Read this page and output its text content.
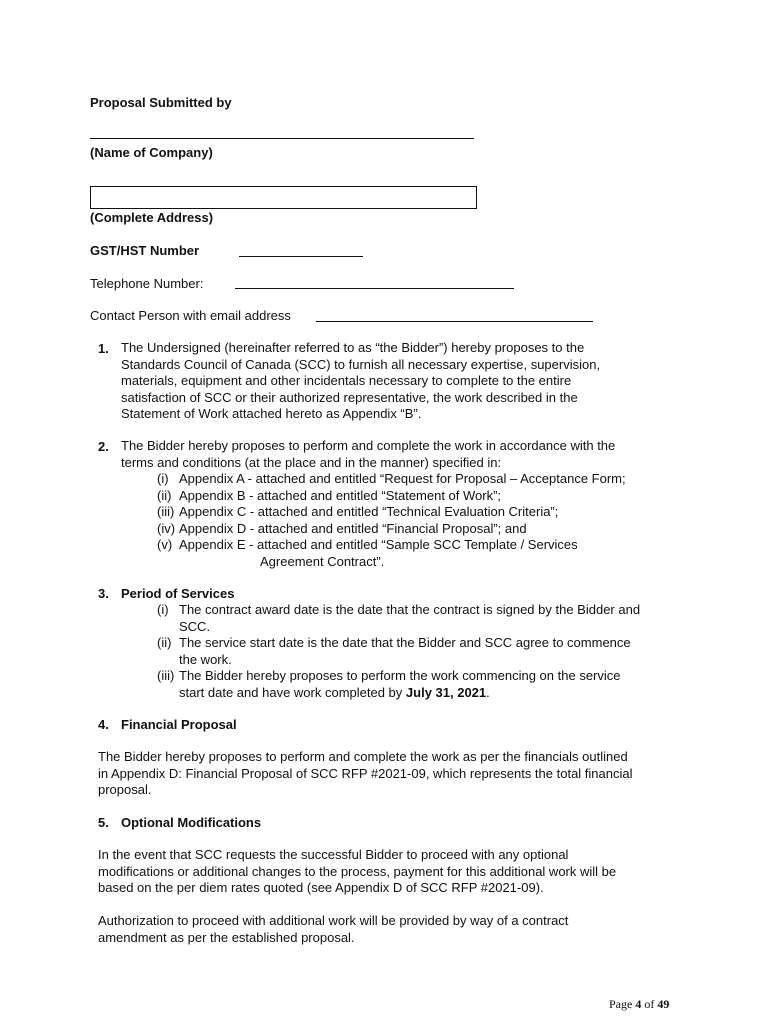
Proposal Submitted by
(Name of Company)
(Complete Address)
GST/HST Number
Telephone Number:
Contact Person with email address
1. The Undersigned (hereinafter referred to as “the Bidder”) hereby proposes to the
Standards Council of Canada (SCC) to furnish all necessary expertise, supervision,
materials, equipment and other incidentals necessary to complete to the entire
satisfaction of SCC or their authorized representative, the work described in the
Statement of Work attached hereto as Appendix “B”.
2. The Bidder hereby proposes to perform and complete the work in accordance with the
terms and conditions (at the place and in the manner) specified in:
(i) Appendix A - attached and entitled “Request for Proposal – Acceptance Form;
(ii) Appendix B - attached and entitled “Statement of Work”;
(iii) Appendix C - attached and entitled “Technical Evaluation Criteria”;
(iv) Appendix D - attached and entitled “Financial Proposal”; and
(v) Appendix E - attached and entitled “Sample SCC Template / Services
Agreement Contract”.
3. Period of Services
(i) The contract award date is the date that the contract is signed by the Bidder and
SCC.
(ii) The service start date is the date that the Bidder and SCC agree to commence
the work.
(iii) The Bidder hereby proposes to perform the work commencing on the service
start date and have work completed by July 31, 2021.
4. Financial Proposal
The Bidder hereby proposes to perform and complete the work as per the financials outlined
in Appendix D: Financial Proposal of SCC RFP #2021-09, which represents the total financial
proposal.
5. Optional Modifications
In the event that SCC requests the successful Bidder to proceed with any optional
modifications or additional changes to the process, payment for this additional work will be
based on the per diem rates quoted (see Appendix D of SCC RFP #2021-09).
Authorization to proceed with additional work will be provided by way of a contract
amendment as per the established proposal.
Page 4 of 49
